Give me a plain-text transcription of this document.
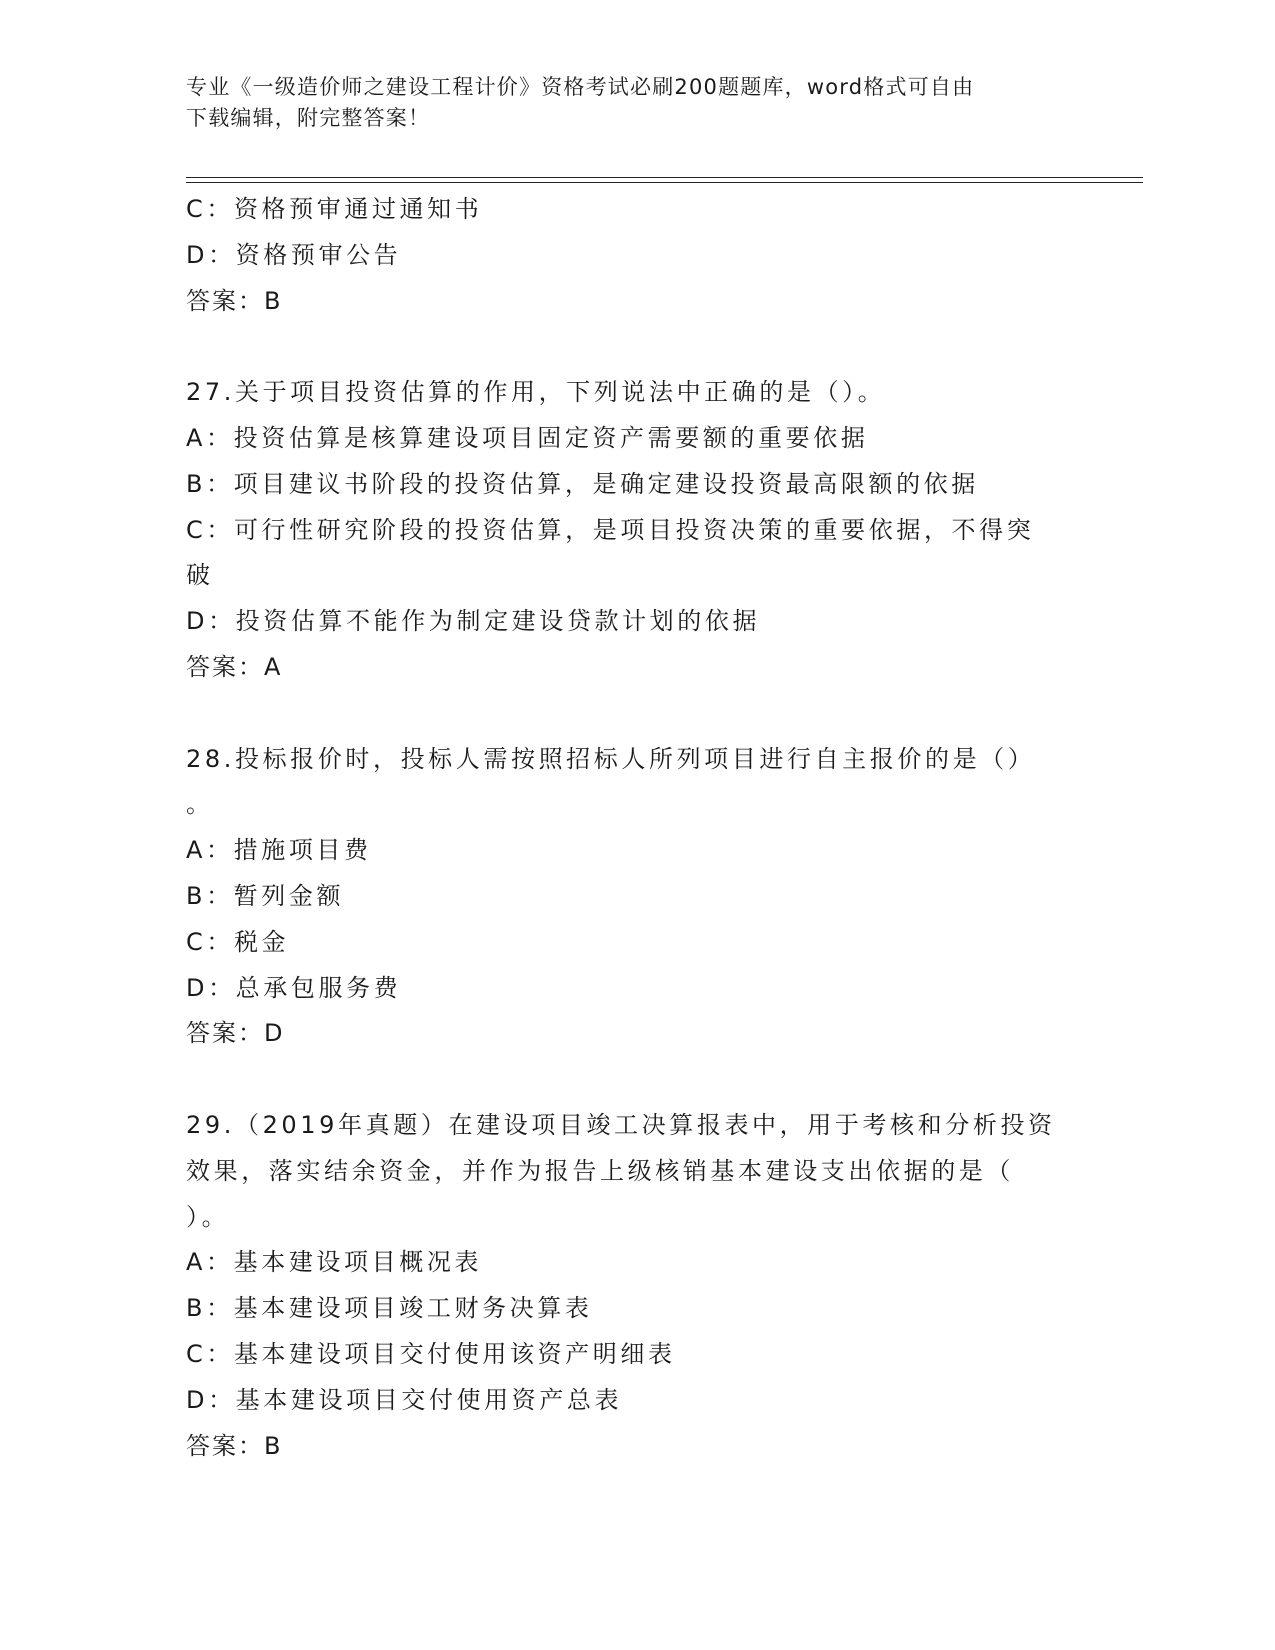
专业《一级造价师之建设工程计价》资格考试必刷200题题库，word格式可自由
下载编辑，附完整答案！
C：资格预审通过通知书
D：资格预审公告
答案：B
27.关于项目投资估算的作用，下列说法中正确的是（）。
A：投资估算是核算建设项目固定资产需要额的重要依据
B：项目建议书阶段的投资估算，是确定建设投资最高限额的依据
C：可行性研究阶段的投资估算，是项目投资决策的重要依据，不得突
破
D：投资估算不能作为制定建设贷款计划的依据
答案：A
28.投标报价时，投标人需按照招标人所列项目进行自主报价的是（）
。
A：措施项目费
B：暂列金额
C：税金
D：总承包服务费
答案：D
29.（2019年真题）在建设项目竣工决算报表中，用于考核和分析投资
效果，落实结余资金，并作为报告上级核销基本建设支出依据的是（
）。
A：基本建设项目概况表
B：基本建设项目竣工财务决算表
C：基本建设项目交付使用该资产明细表
D：基本建设项目交付使用资产总表
答案：B
